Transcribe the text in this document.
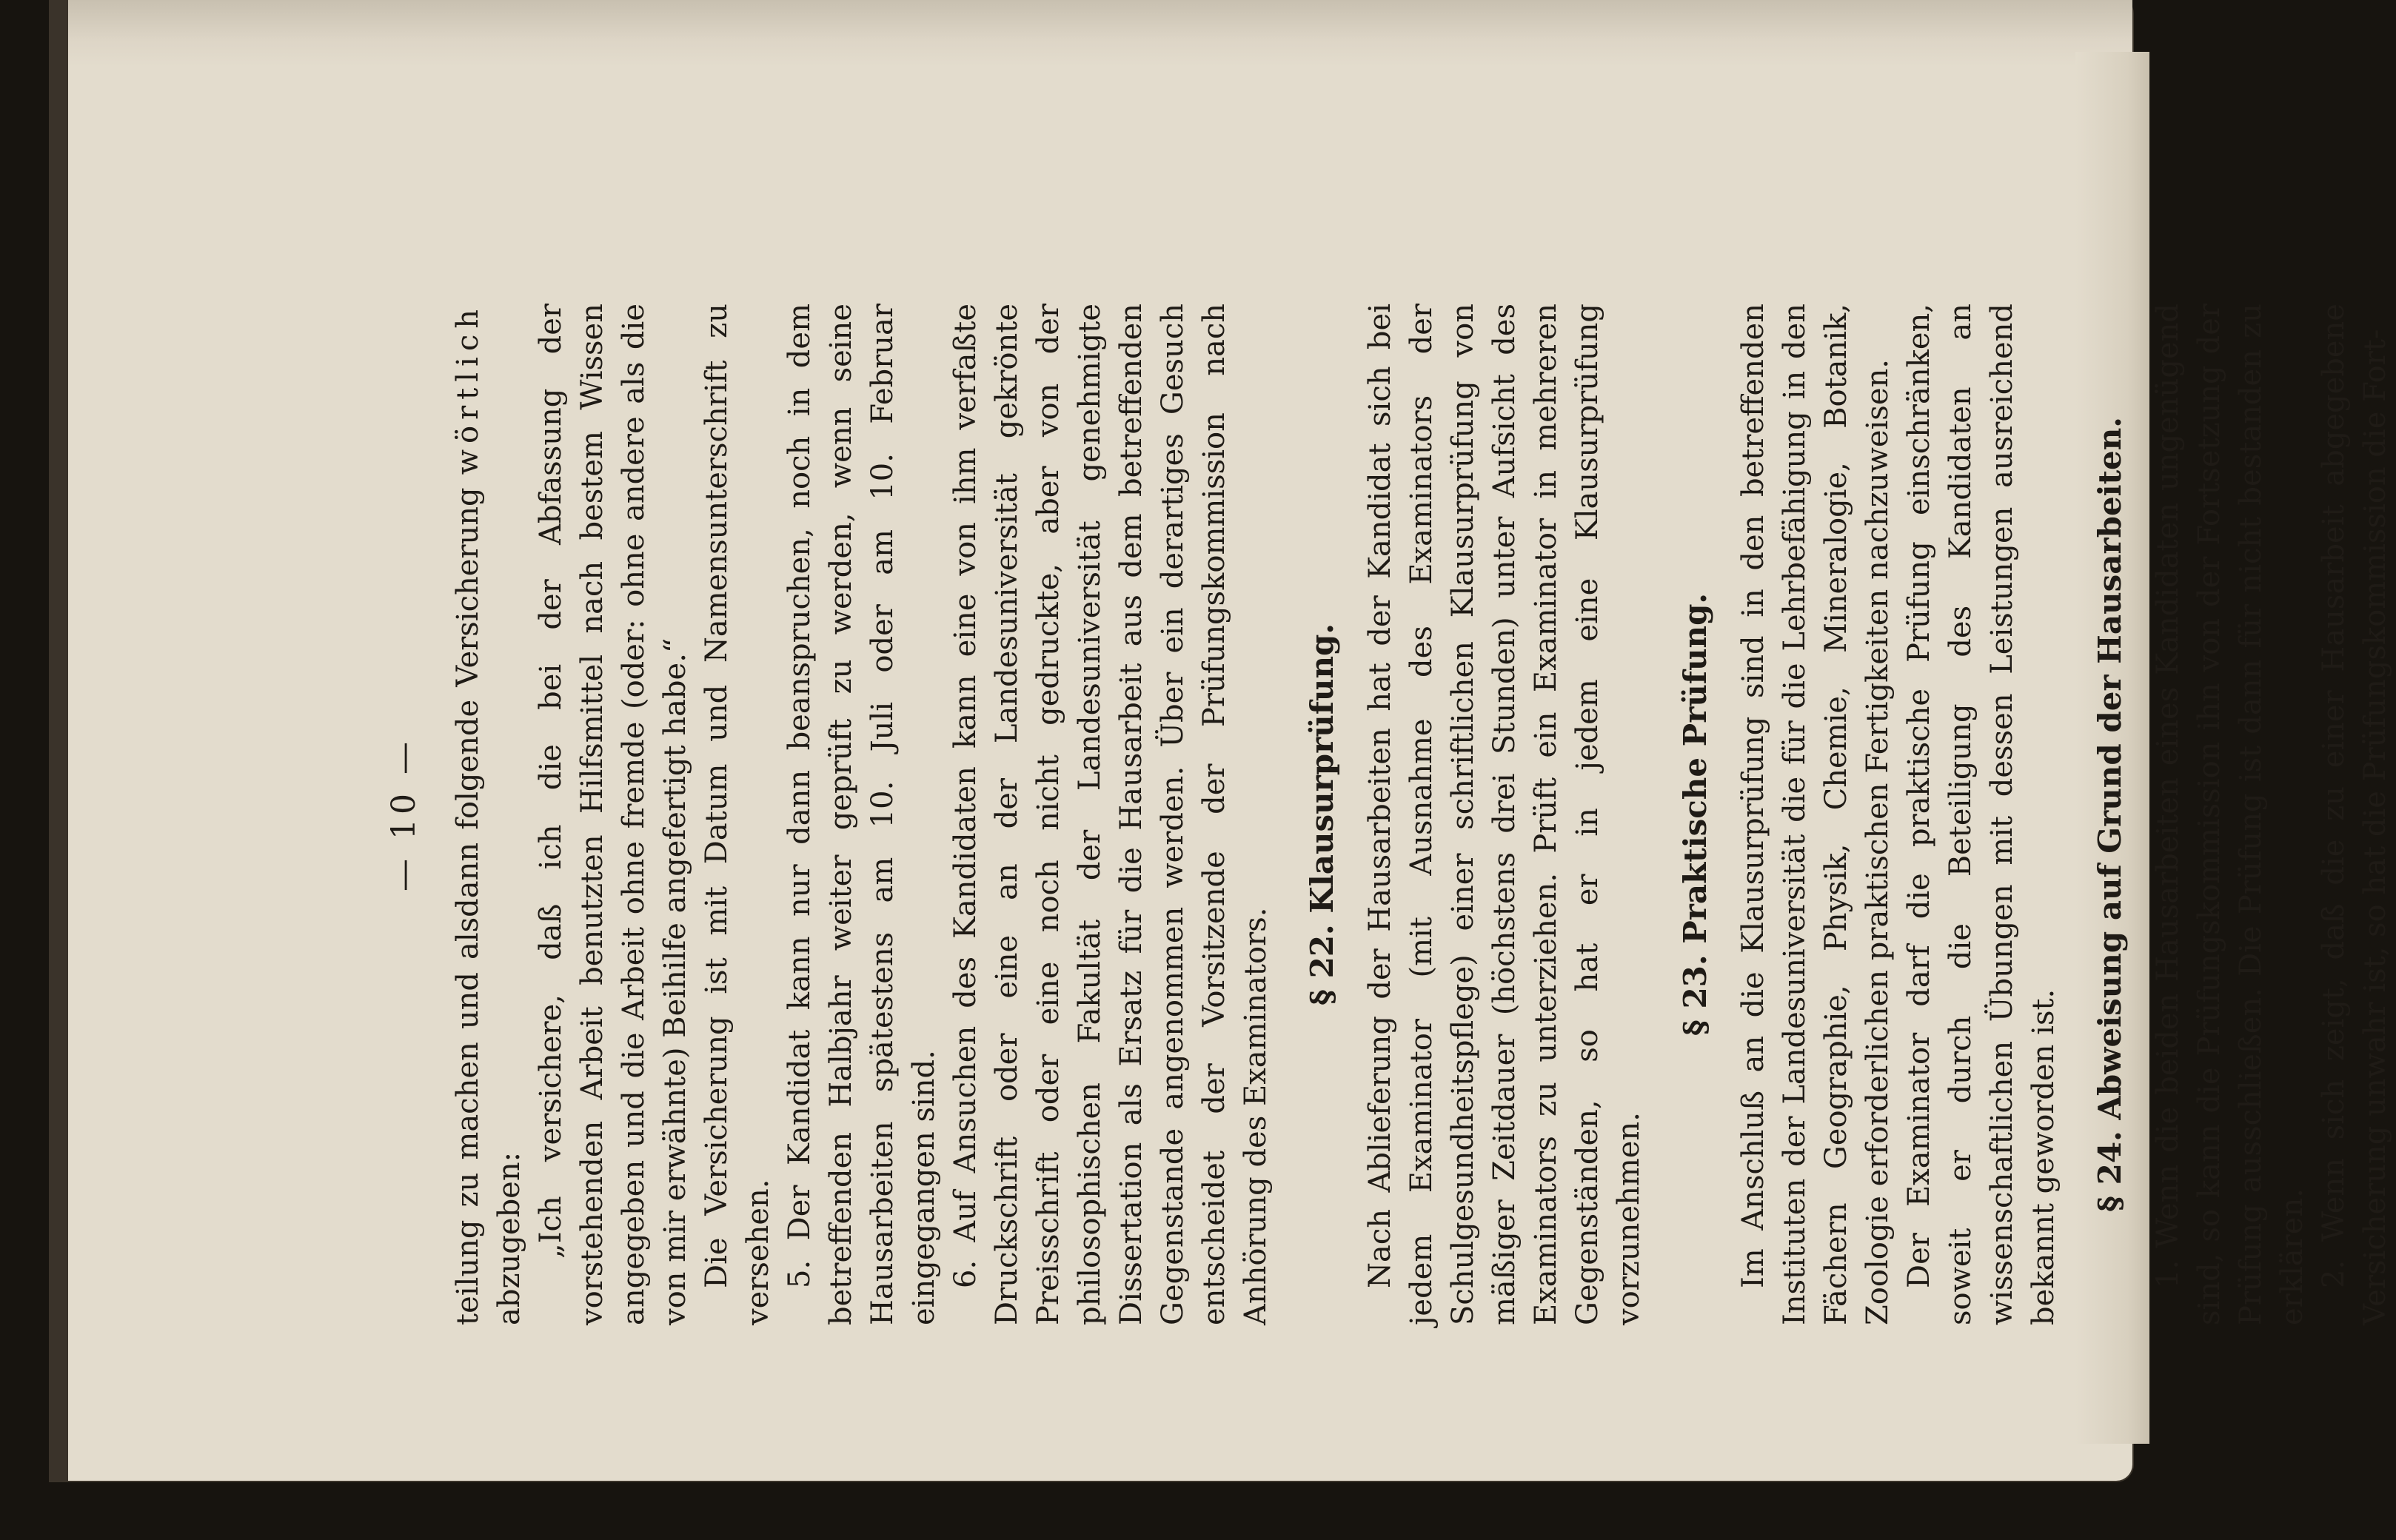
— 10 — teilung zu machen und alsdann folgende Versicherung wörtlich abzugeben: „Ich versichere, daß ich die bei der Abfassung der vorstehenden Arbeit benutzten Hilfsmittel nach bestem Wissen angegeben und die Arbeit ohne fremde (oder: ohne andere als die von mir erwähnte) Beihilfe angefertigt habe.“ Die Versicherung ist mit Datum und Namensunterschrift zu versehen. 5. Der Kandidat kann nur dann beanspruchen, noch in dem betreffenden Halbjahr weiter geprüft zu werden, wenn seine Hausarbeiten spätestens am 10. Juli oder am 10. Februar eingegangen sind. 6. Auf Ansuchen des Kandidaten kann eine von ihm verfaßte Druckschrift oder eine an der Landesuniversität gekrönte Preisschrift oder eine noch nicht gedruckte, aber von der philosophischen Fakultät der Landesuniversität genehmigte Dissertation als Ersatz für die Hausarbeit aus dem betreffenden Gegenstande angenommen werden. Über ein derartiges Gesuch entscheidet der Vorsitzende der Prüfungskommission nach Anhörung des Examinators.

§ 22. Klausurprüfung. Nach Ablieferung der Hausarbeiten hat der Kandidat sich bei jedem Examinator (mit Ausnahme des Examinators der Schulgesundheitspflege) einer schriftlichen Klausurprüfung von mäßiger Zeitdauer (höchstens drei Stunden) unter Aufsicht des Examinators zu unterziehen. Prüft ein Examinator in mehreren Gegenständen, so hat er in jedem eine Klausurprüfung vorzunehmen.

§ 23. Praktische Prüfung. Im Anschluß an die Klausurprüfung sind in den betreffenden Instituten der Landesuniversität die für die Lehrbefähigung in den Fächern Geographie, Physik, Chemie, Mineralogie, Botanik, Zoologie erforderlichen praktischen Fertigkeiten nachzuweisen. Der Examinator darf die praktische Prüfung einschränken, soweit er durch die Beteiligung des Kandidaten an wissenschaftlichen Übungen mit dessen Leistungen ausreichend bekannt geworden ist. § 24. Abweisung auf Grund der Hausarbeiten. 1. Wenn die beiden Hausarbeiten eines Kandidaten ungenügend sind, so kann die Prüfungskommission ihn von der Fortsetzung der Prüfung ausschließen. Die Prüfung ist dann für nicht bestanden zu erklären. 2. Wenn sich zeigt, daß die zu einer Hausarbeit abgegebene Versicherung unwahr ist, so hat die Prüfungskommission die Fort-
